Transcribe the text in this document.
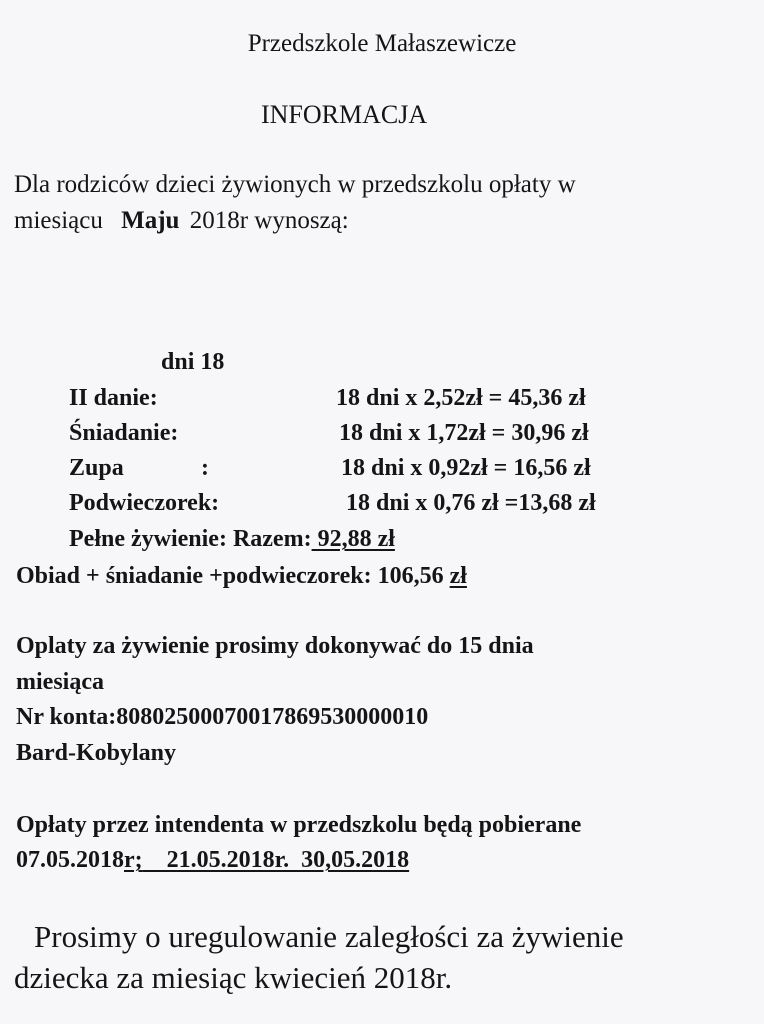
Przedszkole Małaszewicze
INFORMACJA
Dla rodziców dzieci żywionych w przedszkolu opłaty w
miesiącu Maju 2018r wynoszą:
dni 18
II danie:	18 dni x 2,52zł = 45,36 zł
Śniadanie:	18 dni x 1,72zł = 30,96 zł
Zupa	:	18 dni x 0,92zł = 16,56 zł
Podwieczorek:	18 dni x 0,76 zł =13,68 zł
Pełne żywienie: Razem: 92,88 zł
Obiad + śniadanie +podwieczorek: 106,56 zł
Oplaty za żywienie prosimy dokonywać do 15 dnia
miesiąca
Nr konta:80802500070017869530000010
Bard-Kobylany
Opłaty przez intendenta w przedszkolu będą pobierane
07.05.2018r;    21.05.2018r.  30,05.2018
Prosimy o uregulowanie zaległości za żywienie
dziecka za miesiąc kwiecień 2018r.
